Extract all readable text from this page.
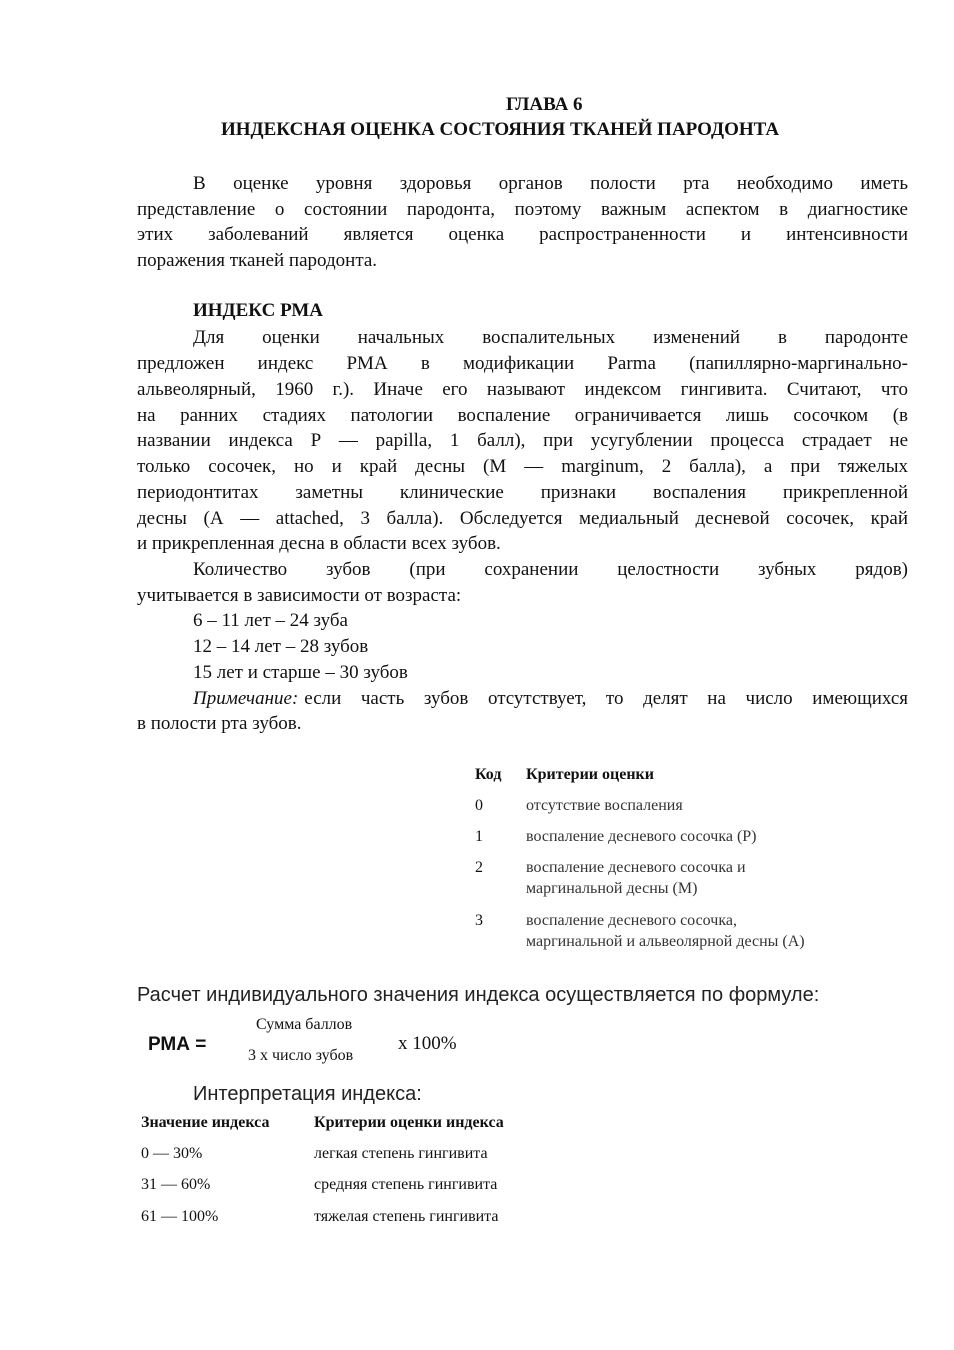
ГЛАВА 6
ИНДЕКСНАЯ ОЦЕНКА СОСТОЯНИЯ ТКАНЕЙ ПАРОДОНТА
В оценке уровня здоровья органов полости рта необходимо иметь
представление о состоянии пародонта, поэтому важным аспектом в диагностике
этих заболеваний является оценка распространенности и интенсивности
поражения тканей пародонта.
ИНДЕКС РМА
Для оценки начальных воспалительных изменений в пародонте
предложен индекс РМА в модификации Parma (папиллярно-маргинально-
альвеолярный, 1960 г.). Иначе его называют индексом гингивита. Считают, что
на ранних стадиях патологии воспаление ограничивается лишь сосочком (в
названии индекса Р — papilla, 1 балл), при усугублении процесса страдает не
только сосочек, но и край десны (М — marginum, 2 балла), а при тяжелых
периодонтитах заметны клинические признаки воспаления прикрепленной
десны (А — attached, 3 балла). Обследуется медиальный десневой сосочек, край
и прикрепленная десна в области всех зубов.
Количество зубов (при сохранении целостности зубных рядов)
учитывается в зависимости от возраста:
6 – 11 лет – 24 зуба
12 – 14 лет – 28 зубов
15 лет и старше – 30 зубов
Примечание: если часть зубов отсутствует, то делят на число имеющихся
в полости рта зубов.
Код Критерии оценки
0	отсутствие воспаления
1	воспаление десневого сосочка (Р)
2	воспаление десневого сосочка и
маргинальной десны (М)
3	воспаление десневого сосочка,
маргинальной и альвеолярной десны (А)
Расчет индивидуального значения индекса осуществляется по формуле:
РМА =
Сумма баллов
3 х число зубов
х 100%
Интерпретация индекса:
Значение индекса	Критерии оценки индекса
0 — 30%	легкая степень гингивита
31 — 60%	средняя степень гингивита
61 — 100%	тяжелая степень гингивита
